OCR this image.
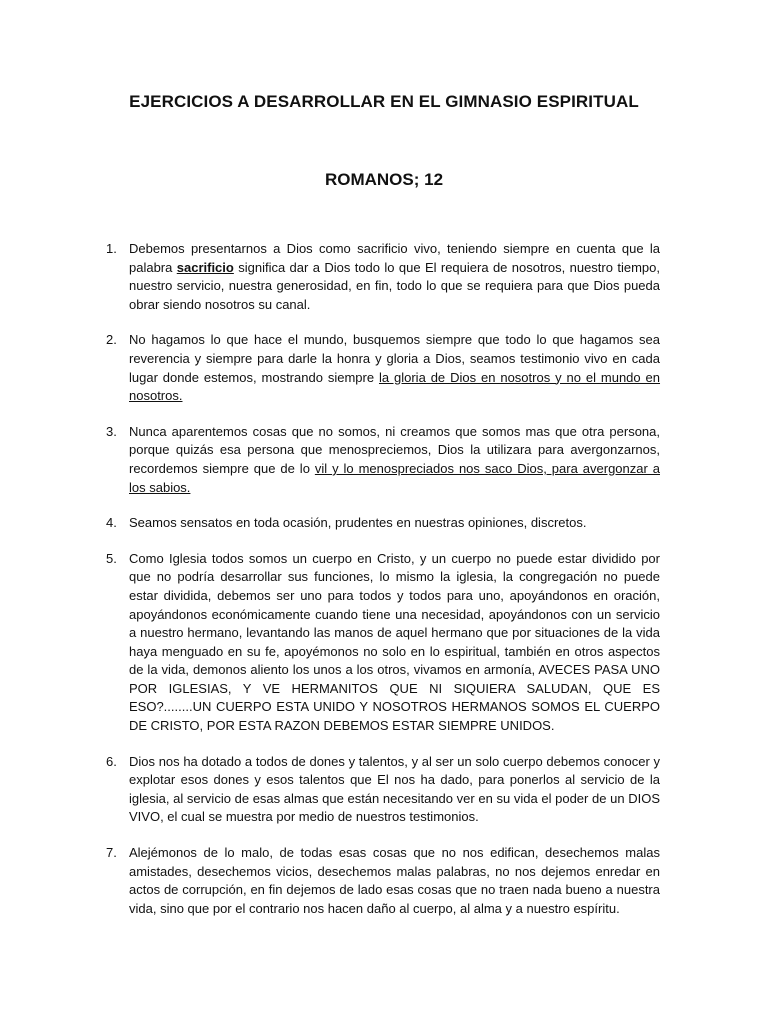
EJERCICIOS A DESARROLLAR EN EL GIMNASIO ESPIRITUAL
ROMANOS; 12
1. Debemos presentarnos a Dios como sacrificio vivo, teniendo siempre en cuenta que la palabra sacrificio significa dar a Dios todo lo que El requiera de nosotros, nuestro tiempo, nuestro servicio, nuestra generosidad, en fin, todo lo que se requiera para que Dios pueda obrar siendo nosotros su canal.
2. No hagamos lo que hace el mundo, busquemos siempre que todo lo que hagamos sea reverencia y siempre para darle la honra y gloria a Dios, seamos testimonio vivo en cada lugar donde estemos, mostrando siempre la gloria de Dios en nosotros y no el mundo en nosotros.
3. Nunca aparentemos cosas que no somos, ni creamos que somos mas que otra persona, porque quizás esa persona que menospreciemos, Dios la utilizara para avergonzarnos, recordemos siempre que de lo vil y lo menospreciados nos saco Dios, para avergonzar a los sabios.
4. Seamos sensatos en toda ocasión, prudentes en nuestras opiniones, discretos.
5. Como Iglesia todos somos un cuerpo en Cristo, y un cuerpo no puede estar dividido por que no podría desarrollar sus funciones, lo mismo la iglesia, la congregación no puede estar dividida, debemos ser uno para todos y todos para uno, apoyándonos en oración, apoyándonos económicamente cuando tiene una necesidad, apoyándonos con un servicio a nuestro hermano, levantando las manos de aquel hermano que por situaciones de la vida haya menguado en su fe, apoyémonos no solo en lo espiritual, también en otros aspectos de la vida, demonos aliento los unos a los otros, vivamos en armonía, AVECES PASA UNO POR IGLESIAS, Y VE HERMANITOS QUE NI SIQUIERA SALUDAN, QUE ES ESO?........UN CUERPO ESTA UNIDO Y NOSOTROS HERMANOS SOMOS EL CUERPO DE CRISTO, POR ESTA RAZON DEBEMOS ESTAR SIEMPRE UNIDOS.
6. Dios nos ha dotado a todos de dones y talentos, y al ser un solo cuerpo debemos conocer y explotar esos dones y esos talentos que El nos ha dado, para ponerlos al servicio de la iglesia, al servicio de esas almas que están necesitando ver en su vida el poder de un DIOS VIVO, el cual se muestra por medio de nuestros testimonios.
7. Alejémonos de lo malo, de todas esas cosas que no nos edifican, desechemos malas amistades, desechemos vicios, desechemos malas palabras, no nos dejemos enredar en actos de corrupción, en fin dejemos de lado esas cosas que no traen nada bueno a nuestra vida, sino que por el contrario nos hacen daño al cuerpo, al alma y a nuestro espíritu.
